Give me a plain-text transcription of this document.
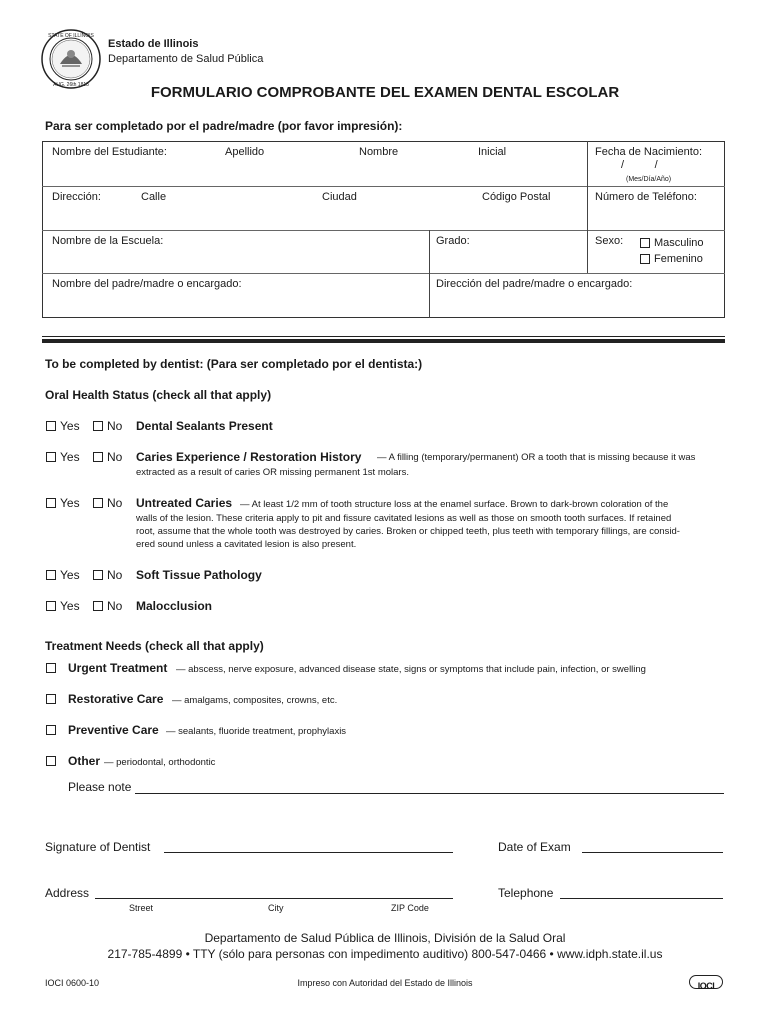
STATE OF ILLINOIS
AUG. 26th 1818
Estado de Illinois
Departamento de Salud Pública
FORMULARIO COMPROBANTE DEL EXAMEN DENTAL ESCOLAR
Para ser completado por el padre/madre (por favor impresión):
Nombre del Estudiante:	Apellido	Nombre	Inicial	Fecha de Nacimiento:
/          /
(Mes/Día/Año)
Dirección:	Calle	Ciudad	Código Postal	Número de Teléfono:
Nombre de la Escuela:	Grado:	Sexo:	Masculino
Femenino
Nombre del padre/madre o encargado:	Dirección del padre/madre o encargado:
To be completed by dentist: (Para ser completado por el dentista:)
Oral Health Status (check all that apply)
Yes No Dental Sealants Present
Yes No Caries Experience / Restoration History — A filling (temporary/permanent) OR a tooth that is missing because it was
extracted as a result of caries OR missing permanent 1st molars.
Yes No Untreated Caries — At least 1/2 mm of tooth structure loss at the enamel surface. Brown to dark-brown coloration of the
walls of the lesion. These criteria apply to pit and fissure cavitated lesions as well as those on smooth tooth surfaces. If retained
root, assume that the whole tooth was destroyed by caries. Broken or chipped teeth, plus teeth with temporary fillings, are consid-
ered sound unless a cavitated lesion is also present.
Yes No Soft Tissue Pathology
Yes No Malocclusion
Treatment Needs (check all that apply)
Urgent Treatment — abscess, nerve exposure, advanced disease state, signs or symptoms that include pain, infection, or swelling
Restorative Care — amalgams, composites, crowns, etc.
Preventive Care — sealants, fluoride treatment, prophylaxis
Other — periodontal, orthodontic
Please note
Signature of Dentist	Date of Exam
Address
Street	City	ZIP Code
Telephone
Departamento de Salud Pública de Illinois, División de la Salud Oral
217-785-4899 • TTY (sólo para personas con impedimento auditivo) 800-547-0466 • www.idph.state.il.us
IOCI 0600-10	Impreso con Autoridad del Estado de Illinois	IOCI
